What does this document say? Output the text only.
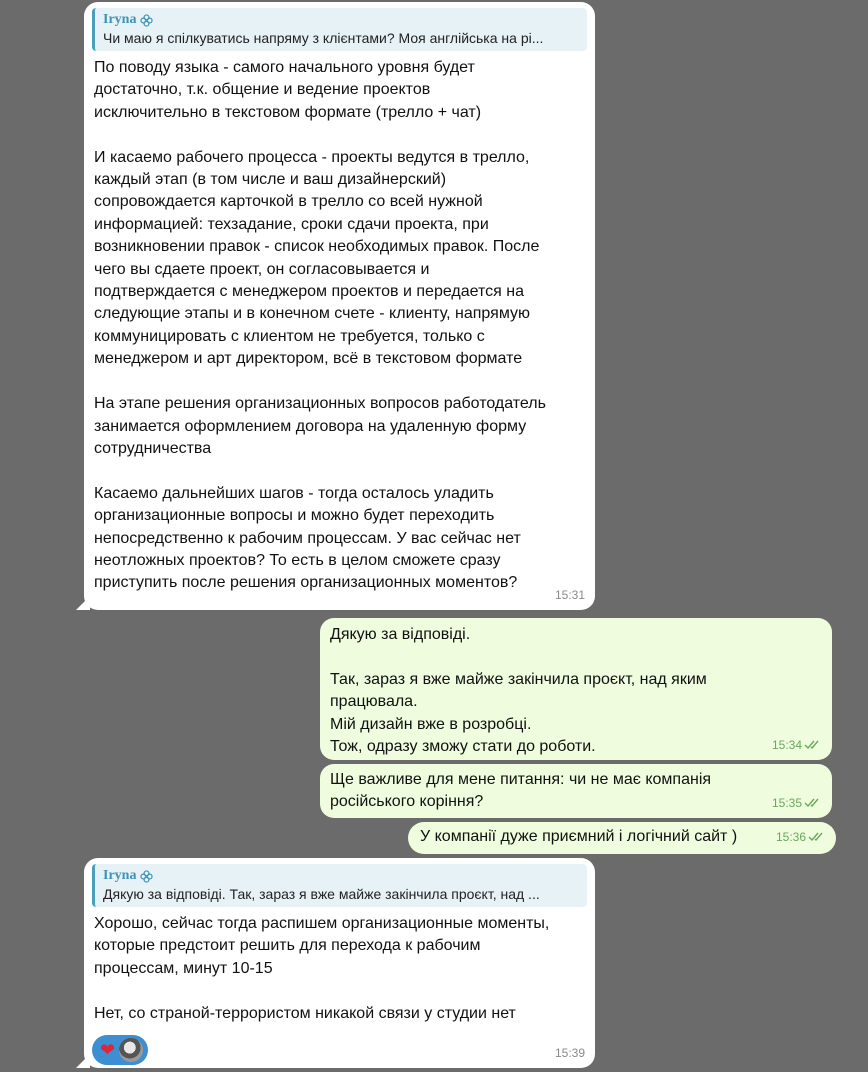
Iryna
Чи маю я спілкуватись напряму з клієнтами? Моя англійська на рі...
По поводу языка - самого начального уровня будет
достаточно, т.к. общение и ведение проектов
исключительно в текстовом формате (трелло + чат)

И касаемо рабочего процесса - проекты ведутся в трелло,
каждый этап (в том числе и ваш дизайнерский)
сопровождается карточкой в трелло со всей нужной
информацией: техзадание, сроки сдачи проекта, при
возникновении правок - список необходимых правок. После
чего вы сдаете проект, он согласовывается и
подтверждается с менеджером проектов и передается на
следующие этапы и в конечном счете - клиенту, напрямую
коммуницировать с клиентом не требуется, только с
менеджером и арт директором, всё в текстовом формате

На этапе решения организационных вопросов работодатель
занимается оформлением договора на удаленную форму
сотрудничества

Касаемо дальнейших шагов - тогда осталось уладить
организационные вопросы и можно будет переходить
непосредственно к рабочим процессам. У вас сейчас нет
неотложных проектов? То есть в целом сможете сразу
приступить после решения организационных моментов?
15:31
Дякую за відповіді.

Так, зараз я вже майже закінчила проєкт, над яким
працювала.
Мій дизайн вже в розробці.
Тож, одразу зможу стати до роботи.	15:34
Ще важливе для мене питання: чи не має компанія
російського коріння?	15:35
У компанії дуже приємний і логічний сайт )	15:36
Iryna
Дякую за відповіді. Так, зараз я вже майже закінчила проєкт, над ...
Хорошо, сейчас тогда распишем организационные моменты,
которые предстоит решить для перехода к рабочим
процессам, минут 10-15

Нет, со страной-террористом никакой связи у студии нет
❤	15:39
